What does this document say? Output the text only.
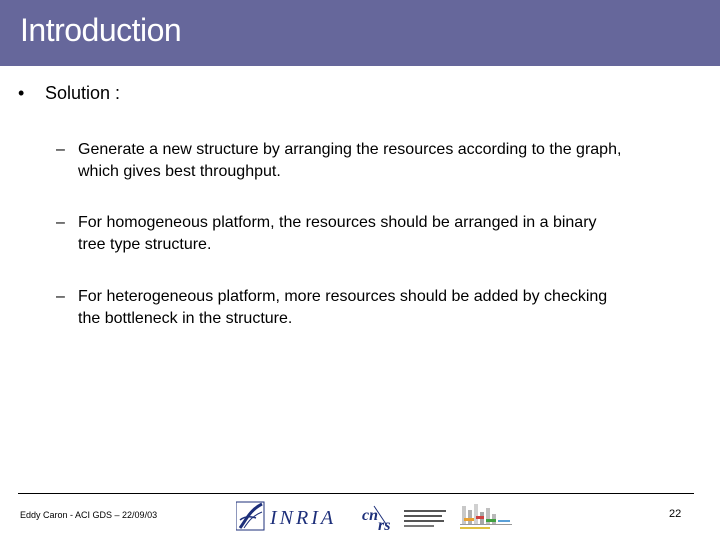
Introduction
• Solution :
– Generate a new structure by arranging the resources according to the graph,
which gives best throughput.
– For homogeneous platform, the resources should be arranged in a binary
tree type structure.
– For heterogeneous platform, more resources should be added by checking
the bottleneck in the structure.
Eddy Caron - ACI GDS – 22/09/03	INRIA cn
rs
22
